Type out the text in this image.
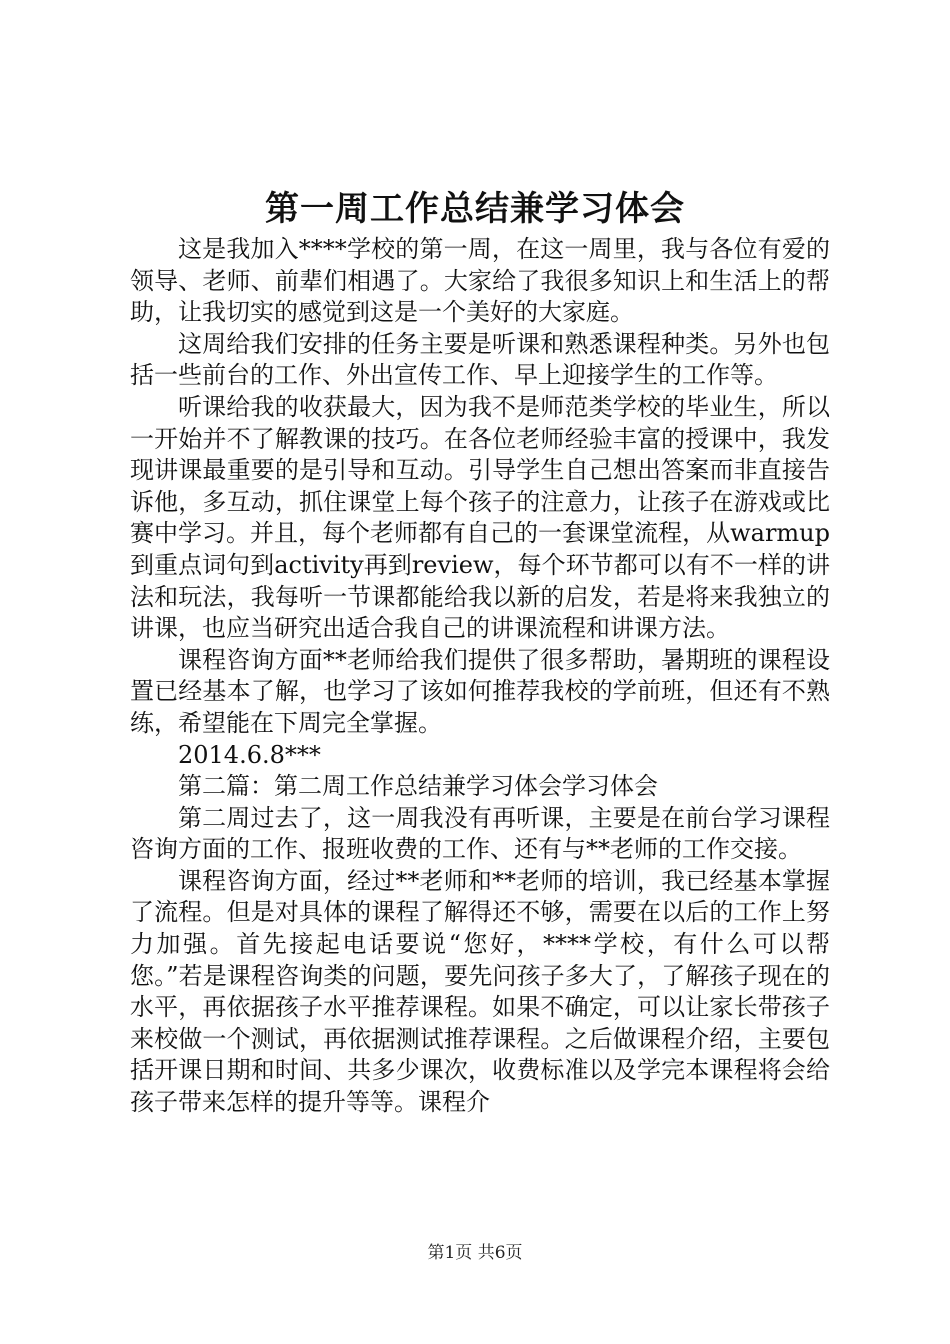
第一周工作总结兼学习体会

这是我加入****学校的第一周，在这一周里，我与各位有爱的领导、老师、前辈们相遇了。大家给了我很多知识上和生活上的帮助，让我切实的感觉到这是一个美好的大家庭。

这周给我们安排的任务主要是听课和熟悉课程种类。另外也包括一些前台的工作、外出宣传工作、早上迎接学生的工作等。

听课给我的收获最大，因为我不是师范类学校的毕业生，所以一开始并不了解教课的技巧。在各位老师经验丰富的授课中，我发现讲课最重要的是引导和互动。引导学生自己想出答案而非直接告诉他，多互动，抓住课堂上每个孩子的注意力，让孩子在游戏或比赛中学习。并且，每个老师都有自己的一套课堂流程，从warmup到重点词句到activity再到review，每个环节都可以有不一样的讲法和玩法，我每听一节课都能给我以新的启发，若是将来我独立的讲课，也应当研究出适合我自己的讲课流程和讲课方法。

课程咨询方面**老师给我们提供了很多帮助，暑期班的课程设置已经基本了解，也学习了该如何推荐我校的学前班，但还有不熟练，希望能在下周完全掌握。

2014.6.8***

第二篇：第二周工作总结兼学习体会学习体会

第二周过去了，这一周我没有再听课，主要是在前台学习课程咨询方面的工作、报班收费的工作、还有与**老师的工作交接。

课程咨询方面，经过**老师和**老师的培训，我已经基本掌握了流程。但是对具体的课程了解得还不够，需要在以后的工作上努力加强。首先接起电话要说“您好，****学校，有什么可以帮您。”若是课程咨询类的问题，要先问孩子多大了，了解孩子现在的水平，再依据孩子水平推荐课程。如果不确定，可以让家长带孩子来校做一个测试，再依据测试推荐课程。之后做课程介绍，主要包括开课日期和时间、共多少课次，收费标准以及学完本课程将会给孩子带来怎样的提升等等。课程介

第1页 共6页
